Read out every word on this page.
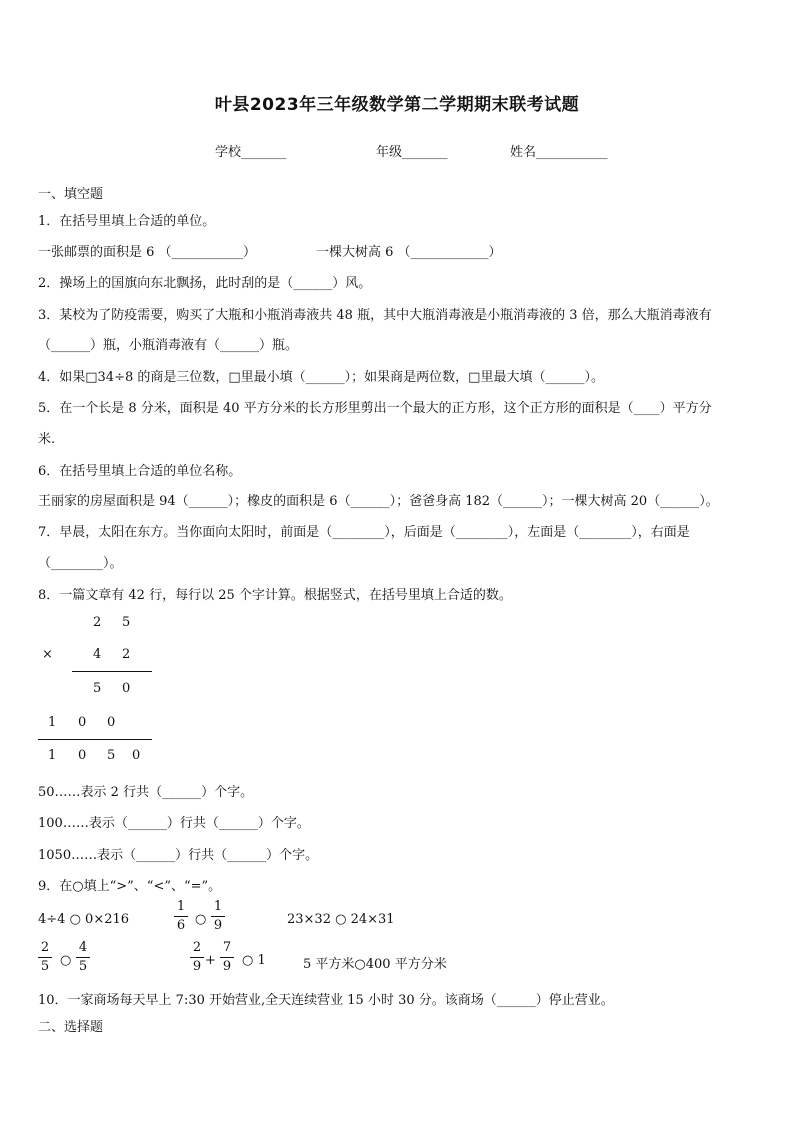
叶县2023年三年级数学第二学期期末联考试题
学校_______	年级_______	姓名___________
一、填空题
1．在括号里填上合适的单位。
一张邮票的面积是 6 （___________）	一棵大树高 6 （____________）
2．操场上的国旗向东北飘扬，此时刮的是（______）风。
3．某校为了防疫需要，购买了大瓶和小瓶消毒液共 48 瓶，其中大瓶消毒液是小瓶消毒液的 3 倍，那么大瓶消毒液有
（______）瓶，小瓶消毒液有（______）瓶。
4．如果□34÷8 的商是三位数，□里最小填（______）；如果商是两位数，□里最大填（______）。
5．在一个长是 8 分米，面积是 40 平方分米的长方形里剪出一个最大的正方形，这个正方形的面积是（____）平方分
米.
6．在括号里填上合适的单位名称。
王丽家的房屋面积是 94（______）；橡皮的面积是 6（______）；爸爸身高 182（______）；一棵大树高 20（______）。
7．早晨，太阳在东方。当你面向太阳时，前面是（________），后面是（________），左面是（________），右面是
（________）。
8．一篇文章有 42 行，每行以 25 个字计算。根据竖式，在括号里填上合适的数。
2 5
×	4 2
5 0
1 0 0
1 0 5 0
50……表示 2 行共（______）个字。
100……表示（______）行共（______）个字。
1050……表示（______）行共（______）个字。
9．在○填上“>”、“<”、“=”。
4÷4 ○ 0×216
1
6 ○
1
9	23×32 ○ 24×31
2
5 ○
4
5
2
9 +
7
9 ○ 1	5 平方米○400 平方分米
10．一家商场每天早上 7:30 开始营业,全天连续营业 15 小时 30 分。该商场（______）停止营业。
二、选择题
